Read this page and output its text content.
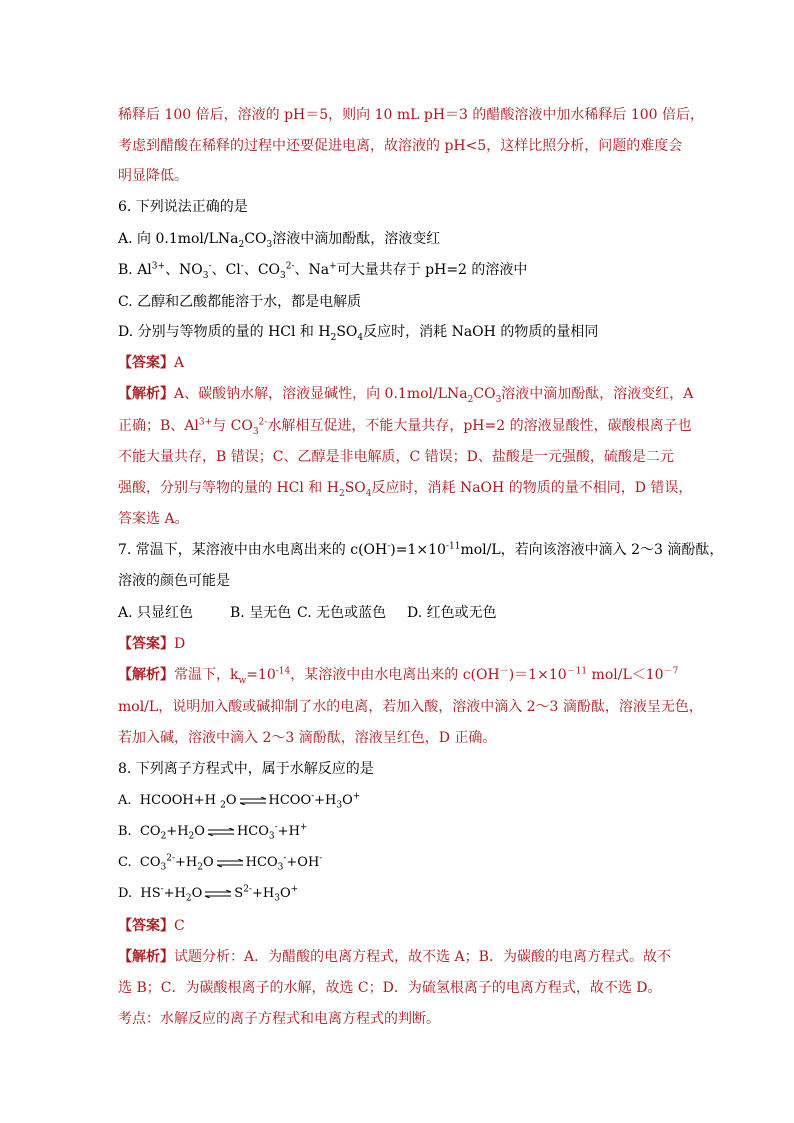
稀释后 100 倍后，溶液的 pH＝5，则向 10 mL pH＝3 的醋酸溶液中加水稀释后 100 倍后，
考虑到醋酸在稀释的过程中还要促进电离，故溶液的 pH<5，这样比照分析，问题的难度会
明显降低。
6. 下列说法正确的是
A. 向 $0.1mol/LNa_2CO_3$溶液中滴加酚酞，溶液变红
B. $Al^{3+}$、$NO_3^-$、Cl-、$CO_3^{2-}$、Na+可大量共存于 pH=2 的溶液中
C. 乙醇和乙酸都能溶于水，都是电解质
D. 分别与等物质的量的 HCl 和 $H_2SO_4$反应时，消耗 NaOH 的物质的量相同
【答案】A
【解析】A、碳酸钠水解，溶液显碱性，向 $0.1mol/LNa_2CO_3$溶液中滴加酚酞，溶液变红，A
正确；B、$Al^{3+}$与 $CO_3^{2-}$水解相互促进，不能大量共存，pH=2 的溶液显酸性，碳酸根离子也
不能大量共存，B 错误；C、乙醇是非电解质，C 错误；D、盐酸是一元强酸，硫酸是二元
强酸，分别与等物的量的 HCl 和 $H_2SO_4$反应时，消耗 NaOH 的物质的量不相同，D 错误，
答案选 A。
7. 常温下，某溶液中由水电离出来的 $c(OH^-)=1\times 10^{-11}mol/L$，若向该溶液中滴入 2～3 滴酚酞，
溶液的颜色可能是
A. 只显红色	B. 呈无色 C. 无色或蓝色 D. 红色或无色
【答案】D
【解析】常温下，$k_w=10^{-14}$，某溶液中由水电离出来的 $c(OH^-)=1\times 10^{-11}$ mol/$L<10^{-7}$
mol/L，说明加入酸或碱抑制了水的电离，若加入酸，溶液中滴入 2～3 滴酚酞，溶液呈无色，
若加入碱，溶液中滴入 2～3 滴酚酞，溶液呈红色，D 正确。
8. 下列离子方程式中，属于水解反应的是
A.  HCOOH+H $_2$O ⇌ $HCOO^-+H_3O^+$
B.  $CO_2+H_2O$ ⇌ $HCO_3^-+H^+$
C.  $CO_3^{2-}+H_2O$ ⇌ $HCO_3^-+OH^-$
D.  $HS^-+H_2O$ ⇌ $S^{2-}+H_3O^+$
【答案】C
【解析】试题分析：A．为醋酸的电离方程式，故不选 A；B．为碳酸的电离方程式。故不
选 B；C．为碳酸根离子的水解，故选 C；D．为硫氢根离子的电离方程式，故不选 D。
考点：水解反应的离子方程式和电离方程式的判断。
